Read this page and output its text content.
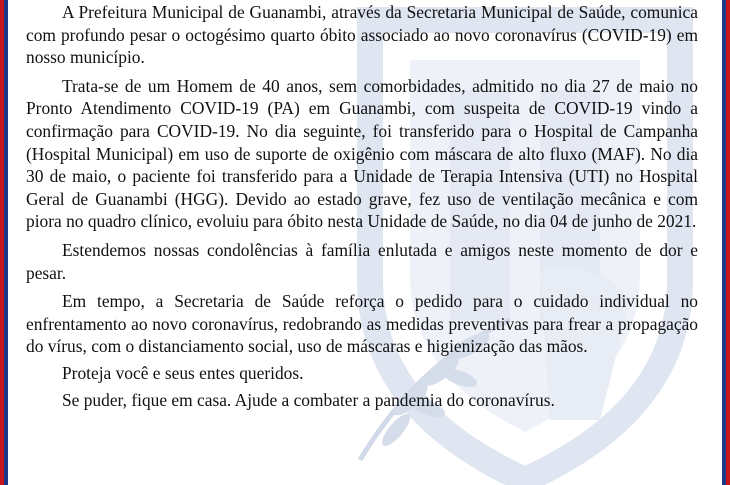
A Prefeitura Municipal de Guanambi, através da Secretaria Municipal de Saúde, comunica com profundo pesar o octogésimo quarto óbito associado ao novo coronavírus (COVID-19) em nosso município.

Trata-se de um Homem de 40 anos, sem comorbidades, admitido no dia 27 de maio no Pronto Atendimento COVID-19 (PA) em Guanambi, com suspeita de COVID-19 vindo a confirmação para COVID-19. No dia seguinte, foi transferido para o Hospital de Campanha (Hospital Municipal) em uso de suporte de oxigênio com máscara de alto fluxo (MAF). No dia 30 de maio, o paciente foi transferido para a Unidade de Terapia Intensiva (UTI) no Hospital Geral de Guanambi (HGG). Devido ao estado grave, fez uso de ventilação mecânica e com piora no quadro clínico, evoluiu para óbito nesta Unidade de Saúde, no dia 04 de junho de 2021.

Estendemos nossas condolências à família enlutada e amigos neste momento de dor e pesar.

Em tempo, a Secretaria de Saúde reforça o pedido para o cuidado individual no enfrentamento ao novo coronavírus, redobrando as medidas preventivas para frear a propagação do vírus, com o distanciamento social, uso de máscaras e higienização das mãos.

Proteja você e seus entes queridos.

Se puder, fique em casa. Ajude a combater a pandemia do coronavírus.
